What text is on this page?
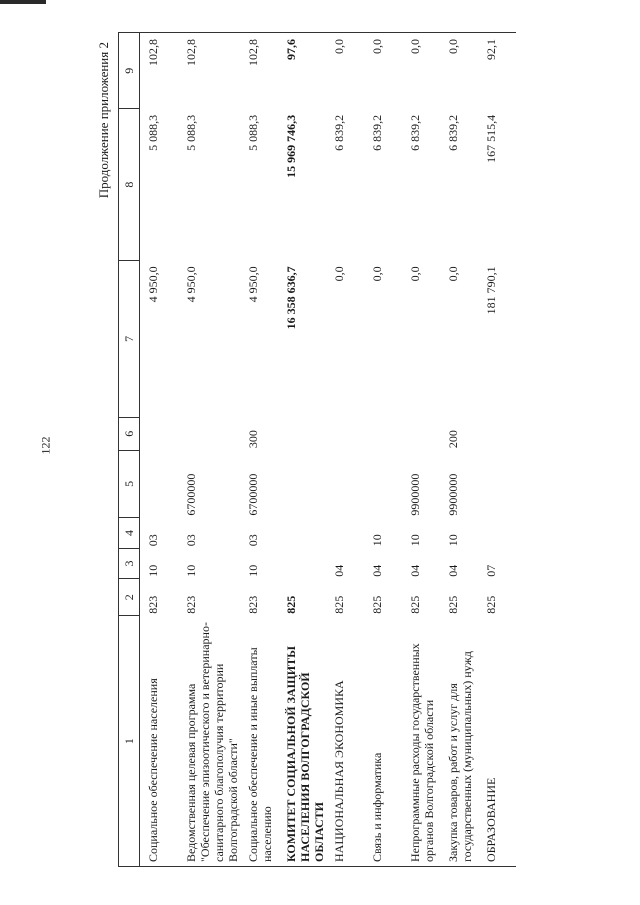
122
Продолжение приложения 2
1	2	3	4	5	6	7	8	9
Социальное обеспечение населения	823	10	03			4 950,0	5 088,3	102,8
Ведомственная целевая программа "Обеспечение эпизоотического и ветеринарно-санитарного благополучия территории Волгоградской области"	823	10	03	6700000		4 950,0	5 088,3	102,8
Социальное обеспечение и иные выплаты населению	823	10	03	6700000	300	4 950,0	5 088,3	102,8
КОМИТЕТ СОЦИАЛЬНОЙ ЗАЩИТЫ НАСЕЛЕНИЯ ВОЛГОГРАДСКОЙ ОБЛАСТИ	825					16 358 636,7	15 969 746,3	97,6
НАЦИОНАЛЬНАЯ ЭКОНОМИКА	825	04				0,0	6 839,2	0,0
Связь и информатика	825	04	10			0,0	6 839,2	0,0
Непрограммные расходы государственных органов Волгоградской области	825	04	10	9900000		0,0	6 839,2	0,0
Закупка товаров, работ и услуг для государственных (муниципальных) нужд	825	04	10	9900000	200	0,0	6 839,2	0,0
ОБРАЗОВАНИЕ	825	07				181 790,1	167 515,4	92,1
